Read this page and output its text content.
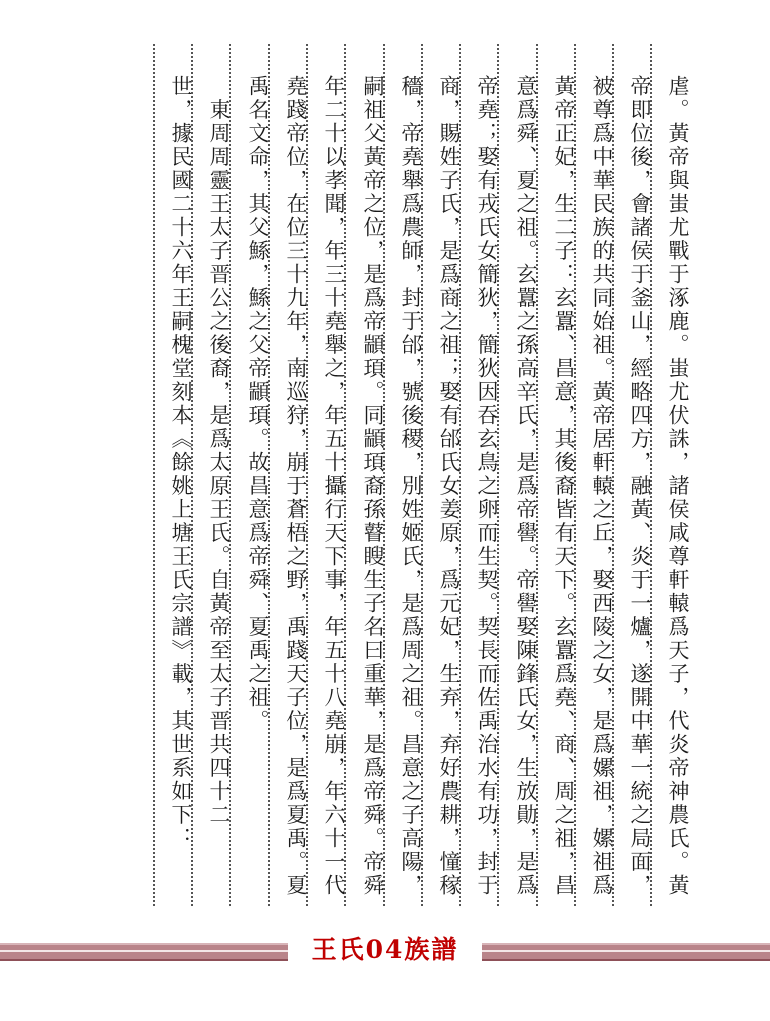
虐。黃帝與蚩尤戰于涿鹿。蚩尤伏誅，諸侯咸尊軒轅爲天子，代炎帝神農氏。黃
帝即位後，會諸侯于釜山，經略四方，融黃、炎于一爐，遂開中華一統之局面，
被尊爲中華民族的共同始祖。黃帝居軒轅之丘，娶西陵之女，是爲嫘祖，嫘祖爲
黃帝正妃，生二子：玄囂、昌意，其後裔皆有天下。玄囂爲堯、商、周之祖，昌
意爲舜、夏之祖。玄囂之孫高辛氏，是爲帝嚳。帝嚳娶陳鋒氏女，生放勛，是爲
帝堯；娶有戎氏女簡狄，簡狄因吞玄鳥之卵而生契。契長而佐禹治水有功，封于
商，賜姓子氏，是爲商之祖；娶有邰氏女姜原，爲元妃，生弃，弃好農耕，憧稼
穡，帝堯舉爲農師，封于邰，號後稷，別姓姬氏，是爲周之祖。昌意之子高陽，
嗣祖父黃帝之位，是爲帝顓頊。同顓頊裔孫瞽瞍生子名曰重華，是爲帝舜。帝舜
年二十以孝聞，年三十堯舉之，年五十攝行天下事，年五十八堯崩，年六十一代
堯踐帝位，在位三十九年，南巡狩，崩于蒼梧之野，禹踐天子位，是爲夏禹。夏
禹名文命，其父鯀，鯀之父帝顓頊。故昌意爲帝舜、夏禹之祖。
　東周周靈王太子晋公之後裔，是爲太原王氏。自黃帝至太子晋共四十二
世，據民國二十六年王嗣槐堂刻本《餘姚上塘王氏宗譜》載，其世系如下：
王氏04族譜
